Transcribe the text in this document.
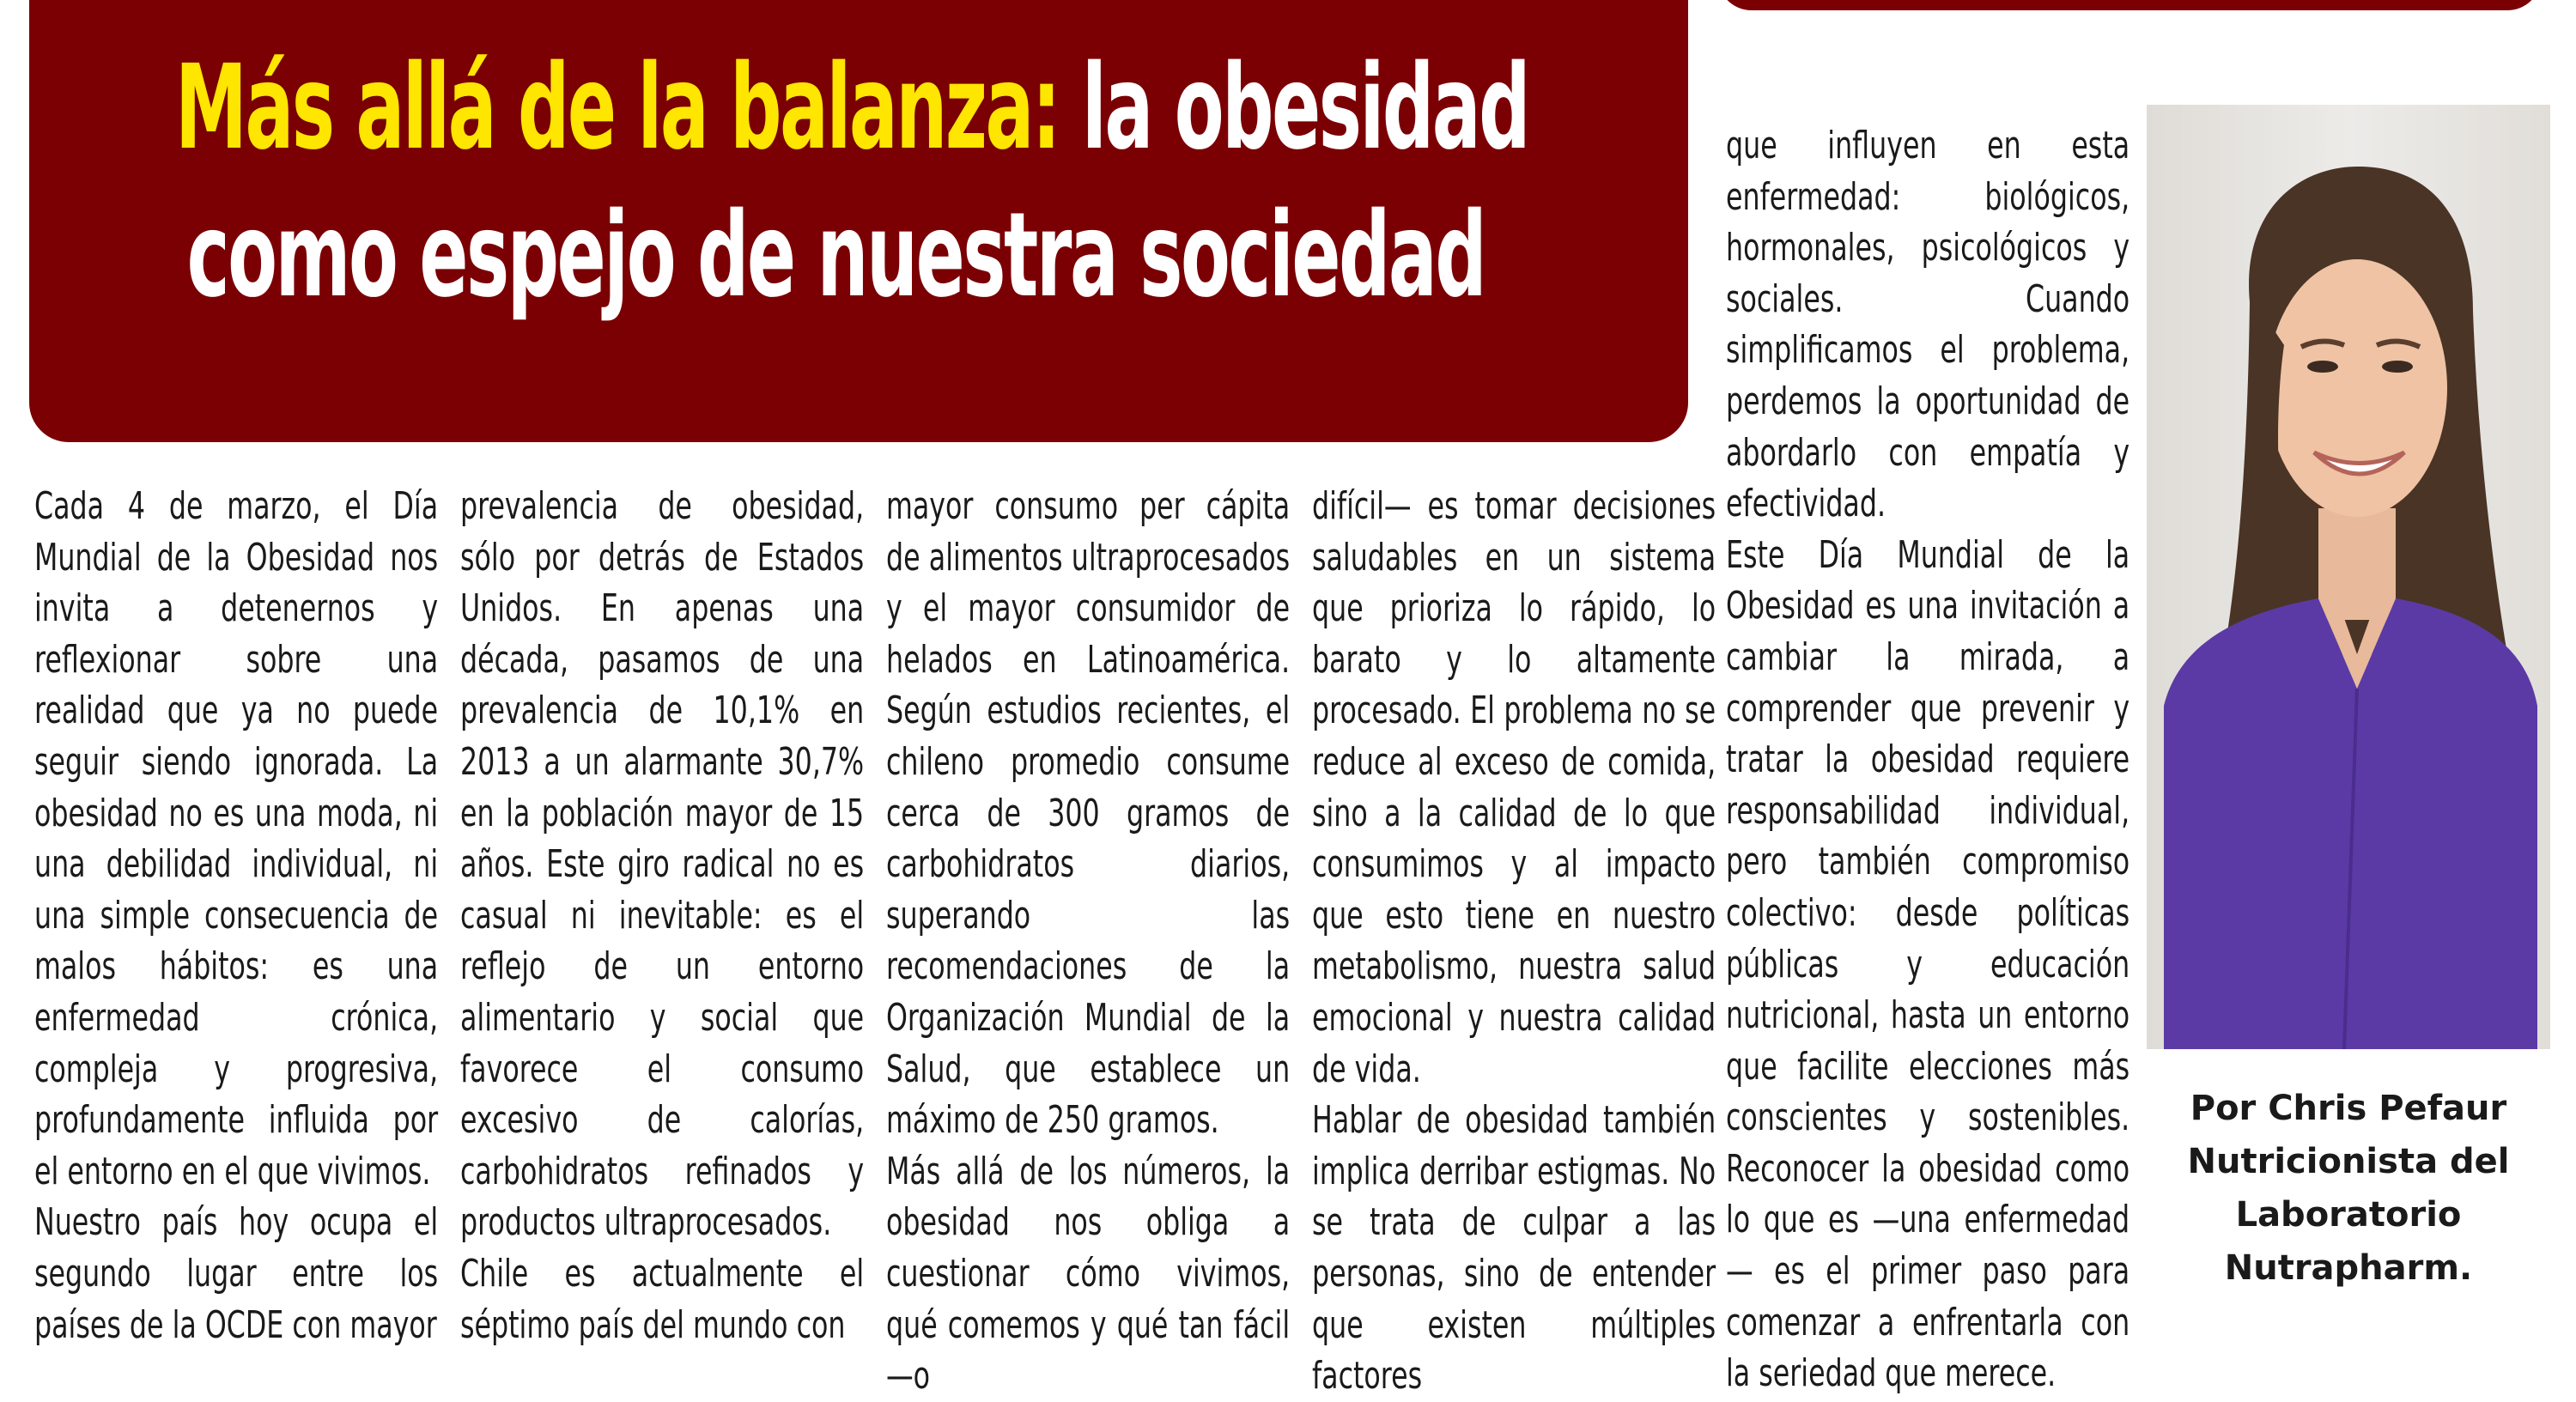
Más allá de la balanza: la obesidad
como espejo de nuestra sociedad

Cada 4 de marzo, el Día Mundial de la Obesidad nos invita a detenernos y reflexionar sobre una realidad que ya no puede seguir siendo ignorada. La obesidad no es una moda, ni una debilidad individual, ni una simple consecuencia de malos hábitos: es una enfermedad crónica, compleja y progresiva, profundamente influida por el entorno en el que vivimos.

Nuestro país hoy ocupa el segundo lugar entre los países de la OCDE con mayor

prevalencia de obesidad, sólo por detrás de Estados Unidos. En apenas una década, pasamos de una prevalencia de 10,1% en 2013 a un alarmante 30,7% en la población mayor de 15 años. Este giro radical no es casual ni inevitable: es el reflejo de un entorno alimentario y social que favorece el consumo excesivo de calorías, carbohidratos refinados y productos ultraprocesados.

Chile es actualmente el séptimo país del mundo con

mayor consumo per cápita de alimentos ultraprocesados y el mayor consumidor de helados en Latinoamérica. Según estudios recientes, el chileno promedio consume cerca de 300 gramos de carbohidratos diarios, superando las recomendaciones de la Organización Mundial de la Salud, que establece un máximo de 250 gramos.

Más allá de los números, la obesidad nos obliga a cuestionar cómo vivimos, qué comemos y qué tan fácil —o

difícil— es tomar decisiones saludables en un sistema que prioriza lo rápido, lo barato y lo altamente procesado. El problema no se reduce al exceso de comida, sino a la calidad de lo que consumimos y al impacto que esto tiene en nuestro metabolismo, nuestra salud emocional y nuestra calidad de vida.

Hablar de obesidad también implica derribar estigmas. No se trata de culpar a las personas, sino de entender que existen múltiples factores

que influyen en esta enfermedad: biológicos, hormonales, psicológicos y sociales. Cuando simplificamos el problema, perdemos la oportunidad de abordarlo con empatía y efectividad.

Este Día Mundial de la Obesidad es una invitación a cambiar la mirada, a comprender que prevenir y tratar la obesidad requiere responsabilidad individual, pero también compromiso colectivo: desde políticas públicas y educación nutricional, hasta un entorno que facilite elecciones más conscientes y sostenibles. Reconocer la obesidad como lo que es —una enfermedad— es el primer paso para comenzar a enfrentarla con la seriedad que merece.

Por Chris Pefaur
Nutricionista del Laboratorio Nutrapharm.
